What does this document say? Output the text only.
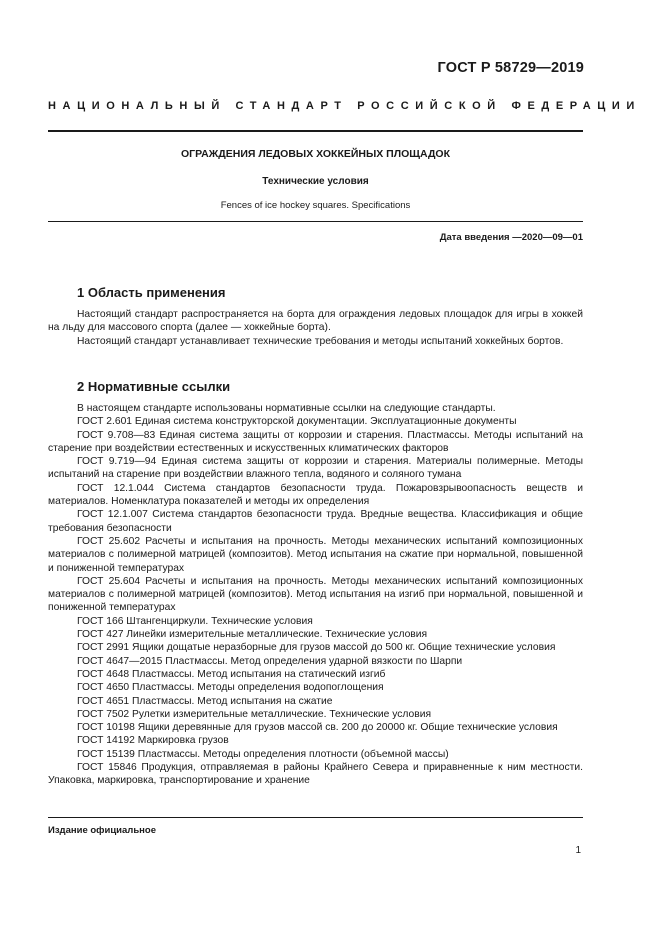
ГОСТ Р 58729—2019
НАЦИОНАЛЬНЫЙ СТАНДАРТ РОССИЙСКОЙ ФЕДЕРАЦИИ
ОГРАЖДЕНИЯ ЛЕДОВЫХ ХОККЕЙНЫХ ПЛОЩАДОК
Технические условия
Fences of ice hockey squares. Specifications
Дата введения —2020—09—01
1 Область применения

Настоящий стандарт распространяется на борта для ограждения ледовых площадок для игры в хоккей на льду для массового спорта (далее — хоккейные борта).

Настоящий стандарт устанавливает технические требования и методы испытаний хоккейных бортов.

2 Нормативные ссылки

В настоящем стандарте использованы нормативные ссылки на следующие стандарты.

ГОСТ 2.601 Единая система конструкторской документации. Эксплуатационные документы

ГОСТ 9.708—83 Единая система защиты от коррозии и старения. Пластмассы. Методы испытаний на старение при воздействии естественных и искусственных климатических факторов

ГОСТ 9.719—94 Единая система защиты от коррозии и старения. Материалы полимерные. Методы испытаний на старение при воздействии влажного тепла, водяного и соляного тумана

ГОСТ 12.1.044 Система стандартов безопасности труда. Пожаровзрывоопасность веществ и материалов. Номенклатура показателей и методы их определения

ГОСТ 12.1.007 Система стандартов безопасности труда. Вредные вещества. Классификация и общие требования безопасности

ГОСТ 25.602 Расчеты и испытания на прочность. Методы механических испытаний композиционных материалов с полимерной матрицей (композитов). Метод испытания на сжатие при нормальной, повышенной и пониженной температурах

ГОСТ 25.604 Расчеты и испытания на прочность. Методы механических испытаний композиционных материалов с полимерной матрицей (композитов). Метод испытания на изгиб при нормальной, повышенной и пониженной температурах

ГОСТ 166 Штангенциркули. Технические условия

ГОСТ 427 Линейки измерительные металлические. Технические условия

ГОСТ 2991 Ящики дощатые неразборные для грузов массой до 500 кг. Общие технические условия

ГОСТ 4647—2015 Пластмассы. Метод определения ударной вязкости по Шарпи

ГОСТ 4648 Пластмассы. Метод испытания на статический изгиб

ГОСТ 4650 Пластмассы. Методы определения водопоглощения

ГОСТ 4651 Пластмассы. Метод испытания на сжатие

ГОСТ 7502 Рулетки измерительные металлические. Технические условия

ГОСТ 10198 Ящики деревянные для грузов массой св. 200 до 20000 кг. Общие технические условия

ГОСТ 14192 Маркировка грузов

ГОСТ 15139 Пластмассы. Методы определения плотности (объемной массы)

ГОСТ 15846 Продукция, отправляемая в районы Крайнего Севера и приравненные к ним местности. Упаковка, маркировка, транспортирование и хранение

Издание официальное
1
